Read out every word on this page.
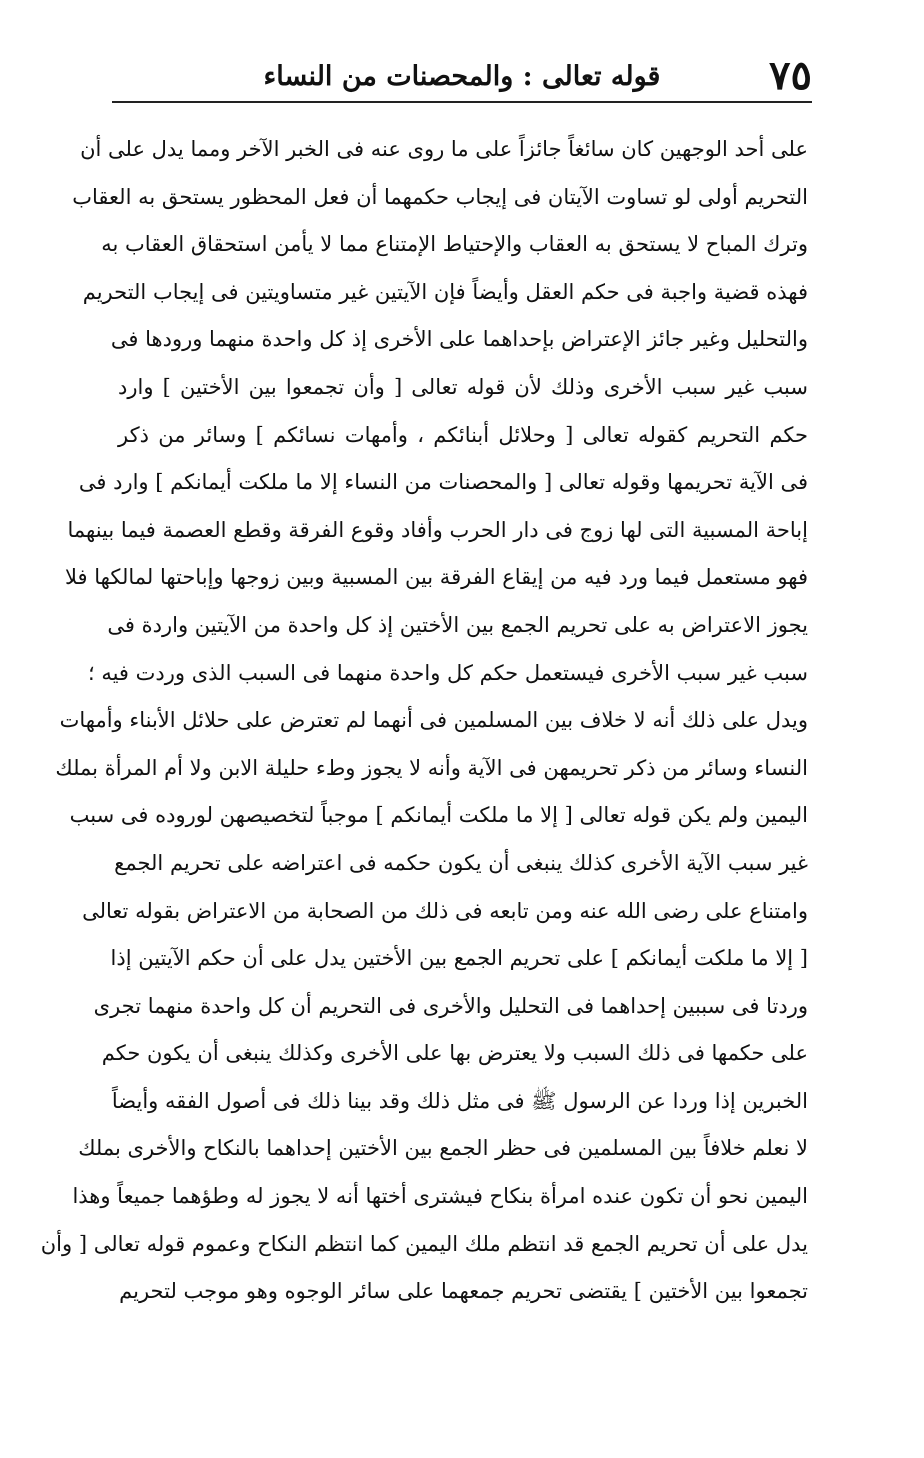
٧٥
قوله تعالى : والمحصنات من النساء
على أحد الوجهين كان سائغاً جائزاً على ما روى عنه فى الخبر الآخر ومما يدل على أن
التحريم أولى لو تساوت الآيتان فى إيجاب حكمهما أن فعل المحظور يستحق به العقاب
وترك المباح لا يستحق به العقاب والإحتياط الإمتناع مما لا يأمن استحقاق العقاب به
فهذه قضية واجبة فى حكم العقل وأيضاً فإن الآيتين غير متساويتين فى إيجاب التحريم
والتحليل وغير جائز الإعتراض بإحداهما على الأخرى إذ كل واحدة منهما ورودها فى
سبب غير سبب الأخرى وذلك لأن قوله تعالى [ وأن تجمعوا بين الأختين ] وارد
حكم التحريم كقوله تعالى [ وحلائل أبنائكم ، وأمهات نسائكم ] وسائر من ذكر
فى الآية تحريمها وقوله تعالى [ والمحصنات من النساء إلا ما ملكت أيمانكم ] وارد فى
إباحة المسبية التى لها زوج فى دار الحرب وأفاد وقوع الفرقة وقطع العصمة فيما بينهما
فهو مستعمل فيما ورد فيه من إيقاع الفرقة بين المسبية وبين زوجها وإباحتها لمالكها فلا
يجوز الاعتراض به على تحريم الجمع بين الأختين إذ كل واحدة من الآيتين واردة فى
سبب غير سبب الأخرى فيستعمل حكم كل واحدة منهما فى السبب الذى وردت فيه ؛
ويدل على ذلك أنه لا خلاف بين المسلمين فى أنهما لم تعترض على حلائل الأبناء وأمهات
النساء وسائر من ذكر تحريمهن فى الآية وأنه لا يجوز وطء حليلة الابن ولا أم المرأة بملك
اليمين ولم يكن قوله تعالى [ إلا ما ملكت أيمانكم ] موجباً لتخصيصهن لوروده فى سبب
غير سبب الآية الأخرى كذلك ينبغى أن يكون حكمه فى اعتراضه على تحريم الجمع
وامتناع على رضى الله عنه ومن تابعه فى ذلك من الصحابة من الاعتراض بقوله تعالى
[ إلا ما ملكت أيمانكم ] على تحريم الجمع بين الأختين يدل على أن حكم الآيتين إذا
وردتا فى سببين إحداهما فى التحليل والأخرى فى التحريم أن كل واحدة منهما تجرى
على حكمها فى ذلك السبب ولا يعترض بها على الأخرى وكذلك ينبغى أن يكون حكم
الخبرين إذا وردا عن الرسول ﷺ فى مثل ذلك وقد بينا ذلك فى أصول الفقه وأيضاً
لا نعلم خلافاً بين المسلمين فى حظر الجمع بين الأختين إحداهما بالنكاح والأخرى بملك
اليمين نحو أن تكون عنده امرأة بنكاح فيشترى أختها أنه لا يجوز له وطؤهما جميعاً وهذا
يدل على أن تحريم الجمع قد انتظم ملك اليمين كما انتظم النكاح وعموم قوله تعالى [ وأن
تجمعوا بين الأختين ] يقتضى تحريم جمعهما على سائر الوجوه وهو موجب لتحريم
